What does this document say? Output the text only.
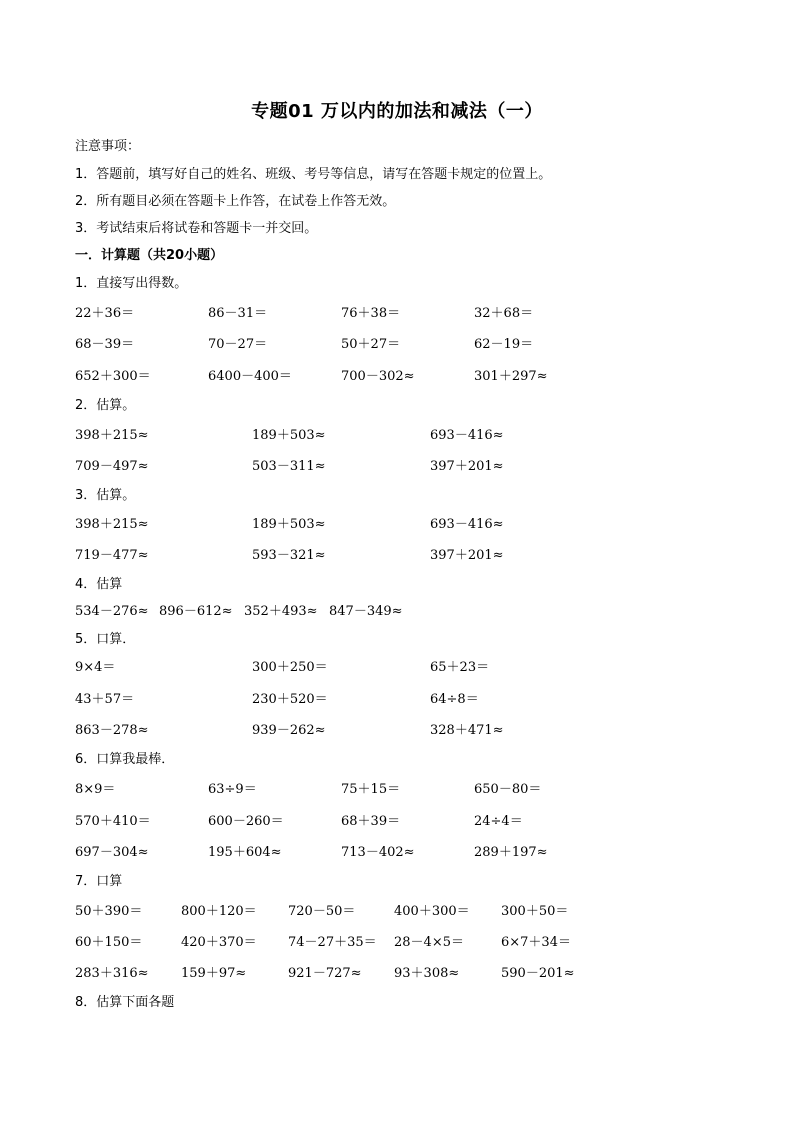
专题01 万以内的加法和减法（一）
注意事项：
1．答题前，填写好自己的姓名、班级、考号等信息，请写在答题卡规定的位置上。
2．所有题目必须在答题卡上作答，在试卷上作答无效。
3．考试结束后将试卷和答题卡一并交回。
一．计算题（共20小题）
1．直接写出得数。
22＋36＝	86－31＝	76＋38＝	32＋68＝
68－39＝	70－27＝	50＋27＝	62－19＝
652＋300＝	6400－400＝	700－302≈	301＋297≈
2．估算。
398＋215≈	189＋503≈	693－416≈
709－497≈	503－311≈	397＋201≈
3．估算。
398＋215≈	189＋503≈	693－416≈
719－477≈	593－321≈	397＋201≈
4．估算
534－276≈ 896－612≈ 352＋493≈ 847－349≈
5．口算．
9×4＝	300＋250＝	65＋23＝
43＋57＝	230＋520＝	64÷8＝
863－278≈	939－262≈	328＋471≈
6．口算我最棒．
8×9＝	63÷9＝	75＋15＝	650－80＝
570＋410＝	600－260＝	68＋39＝	24÷4＝
697－304≈	195＋604≈	713－402≈	289＋197≈
7．口算
50＋390＝	800＋120＝ 720－50＝	400＋300＝ 300＋50＝
60＋150＝	420＋370＝ 74－27＋35＝ 28－4×5＝	6×7＋34＝
283＋316≈ 159＋97≈	921－727≈ 93＋308≈	590－201≈
8．估算下面各题
